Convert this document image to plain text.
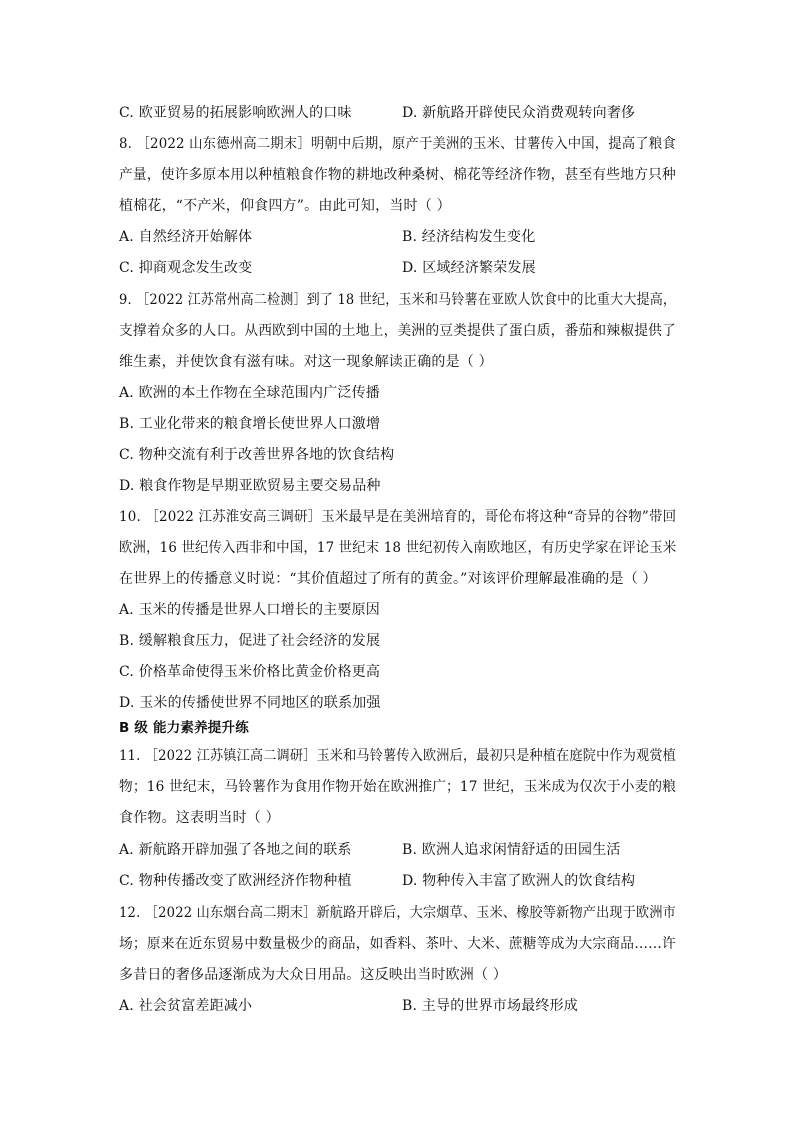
C. 欧亚贸易的拓展影响欧洲人的口味	D. 新航路开辟使民众消费观转向奢侈
8. ［2022 山东德州高二期末］明朝中后期，原产于美洲的玉米、甘薯传入中国，提高了粮食
产量，使许多原本用以种植粮食作物的耕地改种桑树、棉花等经济作物，甚至有些地方只种
植棉花，“不产米，仰食四方”。由此可知，当时（ ）
A. 自然经济开始解体	B. 经济结构发生变化
C. 抑商观念发生改变	D. 区域经济繁荣发展
9. ［2022 江苏常州高二检测］到了 18 世纪，玉米和马铃薯在亚欧人饮食中的比重大大提高，
支撑着众多的人口。从西欧到中国的土地上，美洲的豆类提供了蛋白质，番茄和辣椒提供了
维生素，并使饮食有滋有味。对这一现象解读正确的是（ ）
A. 欧洲的本土作物在全球范围内广泛传播
B. 工业化带来的粮食增长使世界人口激增
C. 物种交流有利于改善世界各地的饮食结构
D. 粮食作物是早期亚欧贸易主要交易品种
10. ［2022 江苏淮安高三调研］玉米最早是在美洲培育的，哥伦布将这种“奇异的谷物”带回
欧洲，16 世纪传入西非和中国，17 世纪末 18 世纪初传入南欧地区，有历史学家在评论玉米
在世界上的传播意义时说：“其价值超过了所有的黄金。”对该评价理解最准确的是（ ）
A. 玉米的传播是世界人口增长的主要原因
B. 缓解粮食压力，促进了社会经济的发展
C. 价格革命使得玉米价格比黄金价格更高
D. 玉米的传播使世界不同地区的联系加强
B 级 能力素养提升练
11. ［2022 江苏镇江高二调研］玉米和马铃薯传入欧洲后，最初只是种植在庭院中作为观赏植
物；16 世纪末，马铃薯作为食用作物开始在欧洲推广；17 世纪，玉米成为仅次于小麦的粮
食作物。这表明当时（ ）
A. 新航路开辟加强了各地之间的联系	B. 欧洲人追求闲情舒适的田园生活
C. 物种传播改变了欧洲经济作物种植	D. 物种传入丰富了欧洲人的饮食结构
12. ［2022 山东烟台高二期末］新航路开辟后，大宗烟草、玉米、橡胶等新物产出现于欧洲市
场；原来在近东贸易中数量极少的商品，如香料、茶叶、大米、蔗糖等成为大宗商品……许
多昔日的奢侈品逐渐成为大众日用品。这反映出当时欧洲（ ）
A. 社会贫富差距减小	B. 主导的世界市场最终形成
